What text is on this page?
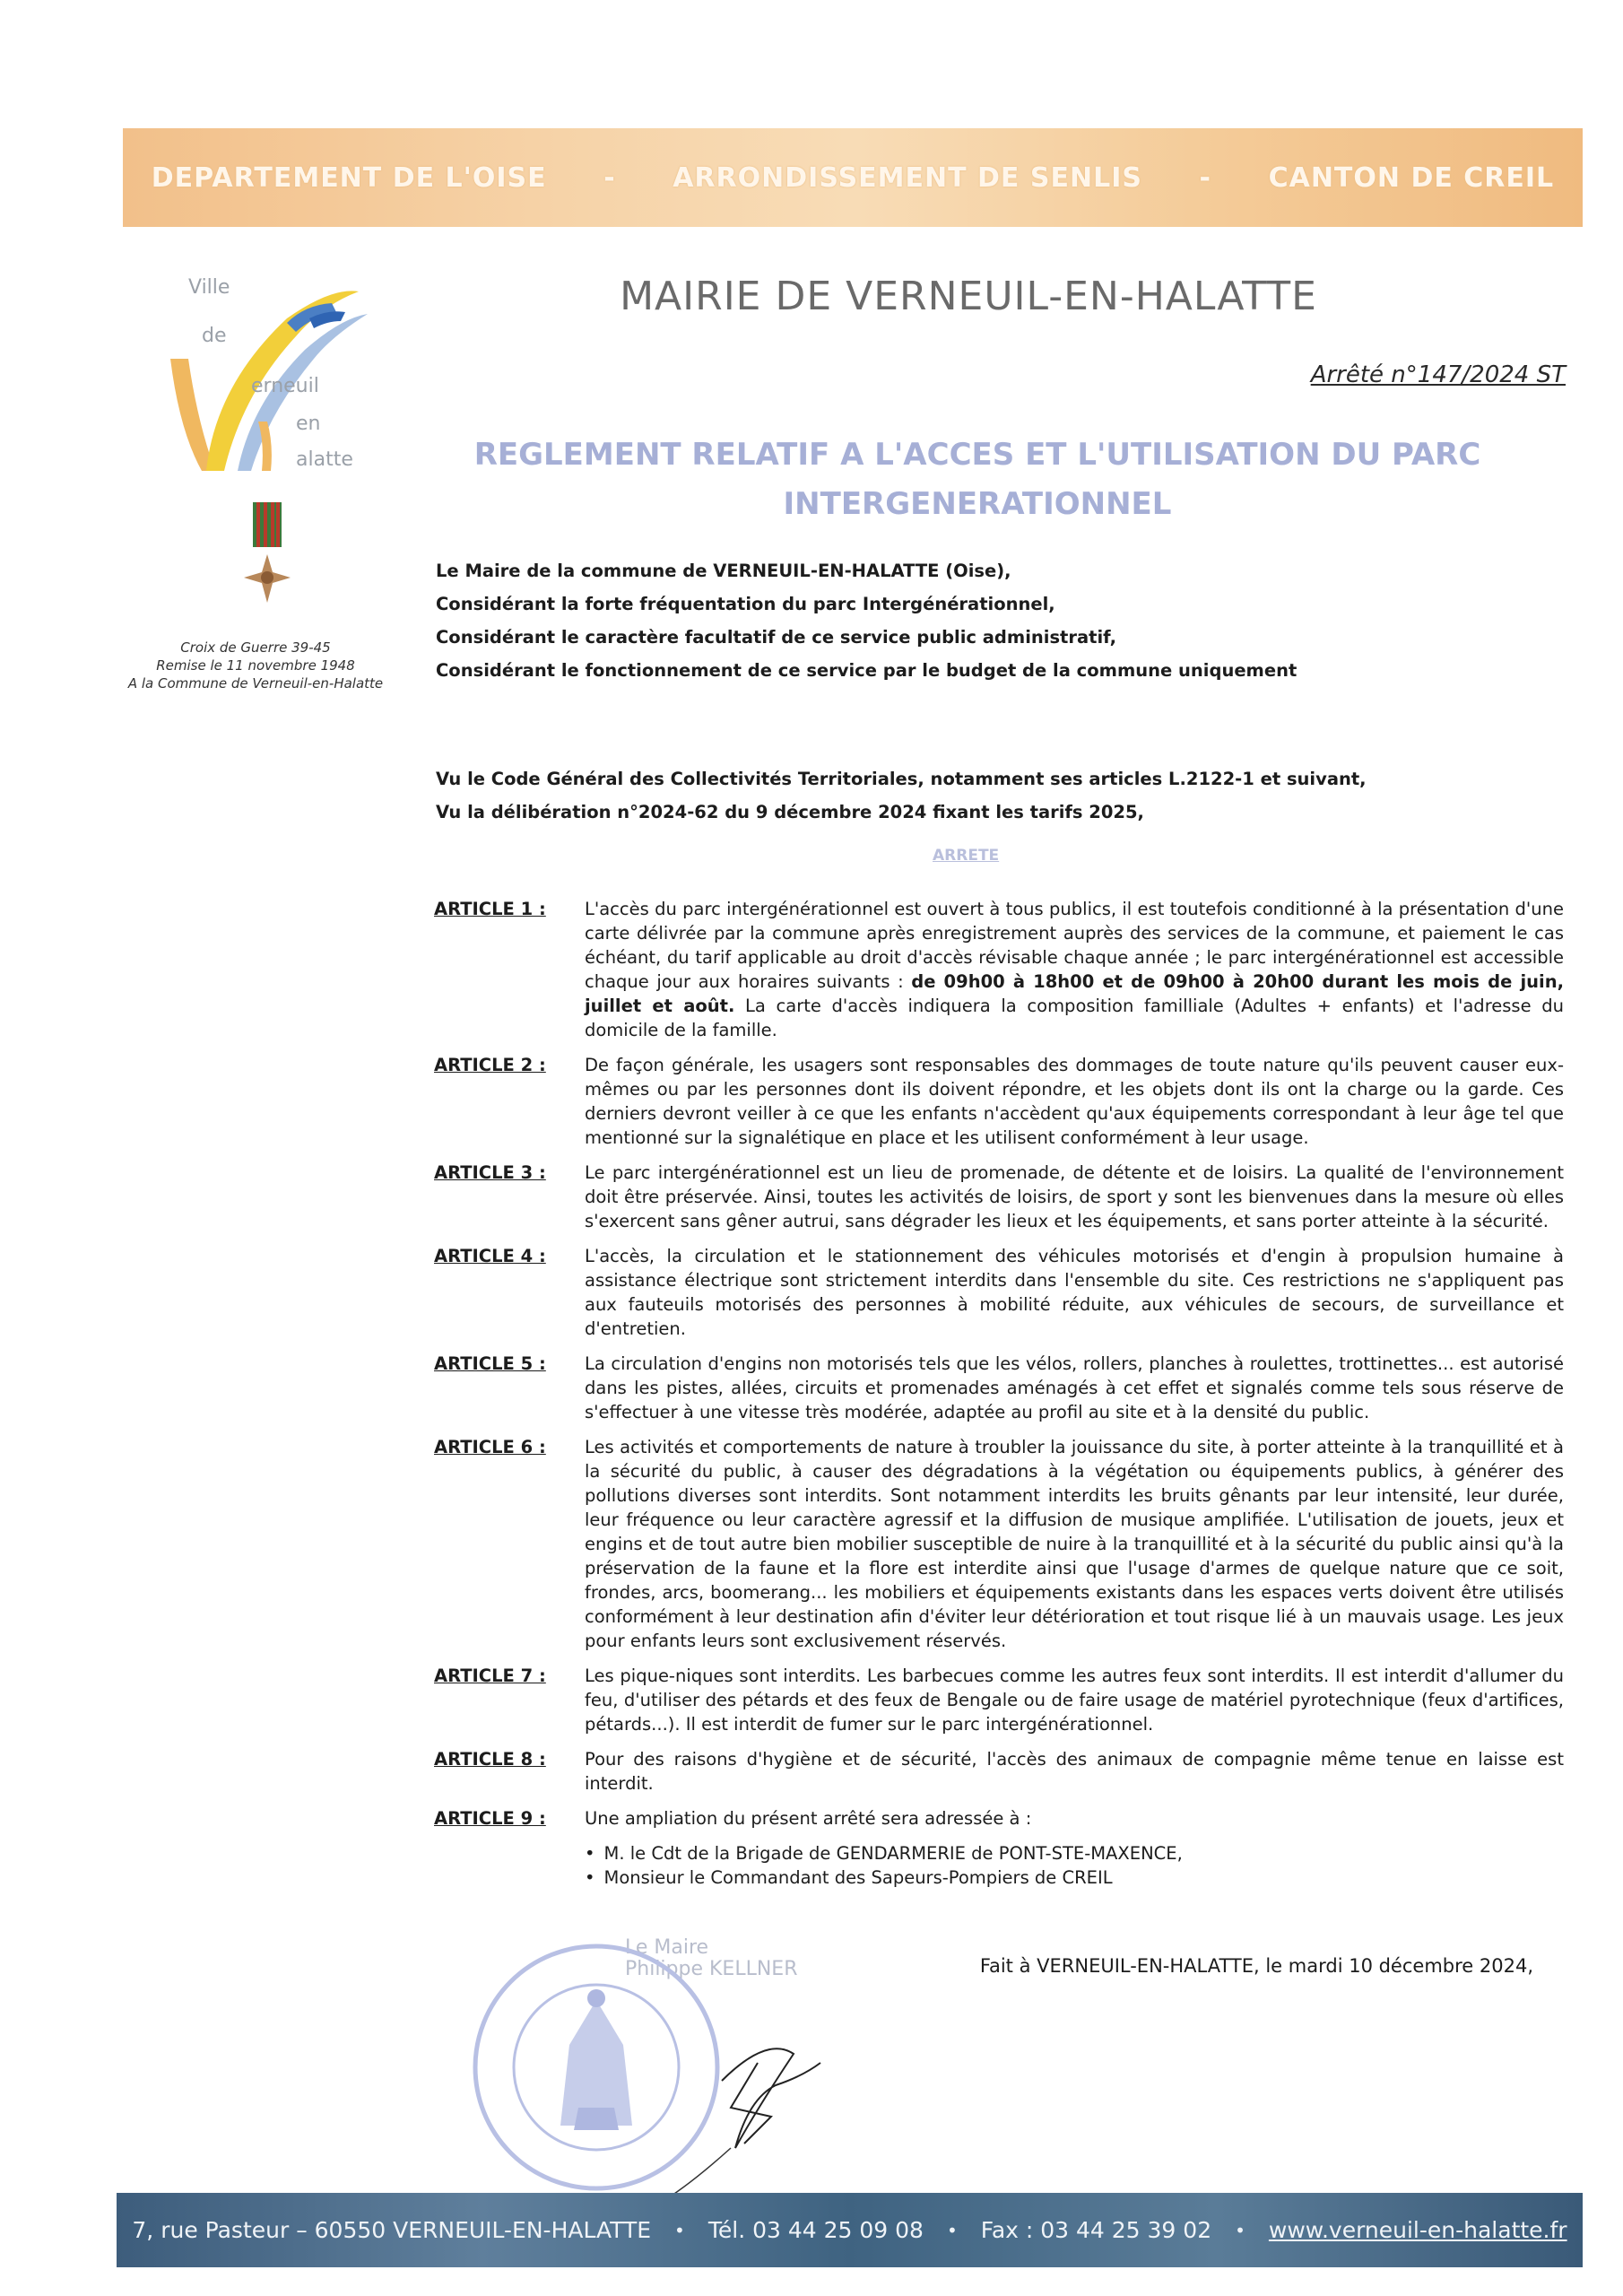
DEPARTEMENT DE L'OISE - ARRONDISSEMENT DE SENLIS - CANTON DE CREIL
Ville
de
erneuil
en
alatte
Croix de Guerre 39-45
Remise le 11 novembre 1948
A la Commune de Verneuil-en-Halatte
MAIRIE DE VERNEUIL-EN-HALATTE
Arrêté n°147/2024 ST
REGLEMENT RELATIF A L'ACCES ET L'UTILISATION DU PARC
INTERGENERATIONNEL
Le Maire de la commune de VERNEUIL-EN-HALATTE (Oise),
Considérant la forte fréquentation du parc Intergénérationnel,
Considérant le caractère facultatif de ce service public administratif,
Considérant le fonctionnement de ce service par le budget de la commune uniquement
Vu le Code Général des Collectivités Territoriales, notamment ses articles L.2122-1 et suivant,
Vu la délibération n°2024-62 du 9 décembre 2024 fixant les tarifs 2025,
ARRETE
ARTICLE 1 :	L'accès du parc intergénérationnel est ouvert à tous publics, il est toutefois conditionné à la présentation d'une carte délivrée par la commune après enregistrement auprès des services de la commune, et paiement le cas échéant, du tarif applicable au droit d'accès révisable chaque année ; le parc intergénérationnel est accessible chaque jour aux horaires suivants : de 09h00 à 18h00 et de 09h00 à 20h00 durant les mois de juin, juillet et août. La carte d'accès indiquera la composition familliale (Adultes + enfants) et l'adresse du domicile de la famille.
ARTICLE 2 :	De façon générale, les usagers sont responsables des dommages de toute nature qu'ils peuvent causer eux-mêmes ou par les personnes dont ils doivent répondre, et les objets dont ils ont la charge ou la garde. Ces derniers devront veiller à ce que les enfants n'accèdent qu'aux équipements correspondant à leur âge tel que mentionné sur la signalétique en place et les utilisent conformément à leur usage.
ARTICLE 3 :	Le parc intergénérationnel est un lieu de promenade, de détente et de loisirs. La qualité de l'environnement doit être préservée. Ainsi, toutes les activités de loisirs, de sport y sont les bienvenues dans la mesure où elles s'exercent sans gêner autrui, sans dégrader les lieux et les équipements, et sans porter atteinte à la sécurité.
ARTICLE 4 :	L'accès, la circulation et le stationnement des véhicules motorisés et d'engin à propulsion humaine à assistance électrique sont strictement interdits dans l'ensemble du site. Ces restrictions ne s'appliquent pas aux fauteuils motorisés des personnes à mobilité réduite, aux véhicules de secours, de surveillance et d'entretien.
ARTICLE 5 :	La circulation d'engins non motorisés tels que les vélos, rollers, planches à roulettes, trottinettes... est autorisé dans les pistes, allées, circuits et promenades aménagés à cet effet et signalés comme tels sous réserve de s'effectuer à une vitesse très modérée, adaptée au profil au site et à la densité du public.
ARTICLE 6 :	Les activités et comportements de nature à troubler la jouissance du site, à porter atteinte à la tranquillité et à la sécurité du public, à causer des dégradations à la végétation ou équipements publics, à générer des pollutions diverses sont interdits. Sont notamment interdits les bruits gênants par leur intensité, leur durée, leur fréquence ou leur caractère agressif et la diffusion de musique amplifiée. L'utilisation de jouets, jeux et engins et de tout autre bien mobilier susceptible de nuire à la tranquillité et à la sécurité du public ainsi qu'à la préservation de la faune et la flore est interdite ainsi que l'usage d'armes de quelque nature que ce soit, frondes, arcs, boomerang... les mobiliers et équipements existants dans les espaces verts doivent être utilisés conformément à leur destination afin d'éviter leur détérioration et tout risque lié à un mauvais usage. Les jeux pour enfants leurs sont exclusivement réservés.
ARTICLE 7 :	Les pique-niques sont interdits. Les barbecues comme les autres feux sont interdits. Il est interdit d'allumer du feu, d'utiliser des pétards et des feux de Bengale ou de faire usage de matériel pyrotechnique (feux d'artifices, pétards...). Il est interdit de fumer sur le parc intergénérationnel.
ARTICLE 8 :	Pour des raisons d'hygiène et de sécurité, l'accès des animaux de compagnie même tenue en laisse est interdit.
ARTICLE 9 :	Une ampliation du présent arrêté sera adressée à :
• M. le Cdt de la Brigade de GENDARMERIE de PONT-STE-MAXENCE,
• Monsieur le Commandant des Sapeurs-Pompiers de CREIL
Le Maire
Philippe KELLNER	Fait à VERNEUIL-EN-HALATTE, le mardi 10 décembre 2024,
7, rue Pasteur – 60550 VERNEUIL-EN-HALATTE • Tél. 03 44 25 09 08 • Fax : 03 44 25 39 02 • www.verneuil-en-halatte.fr
